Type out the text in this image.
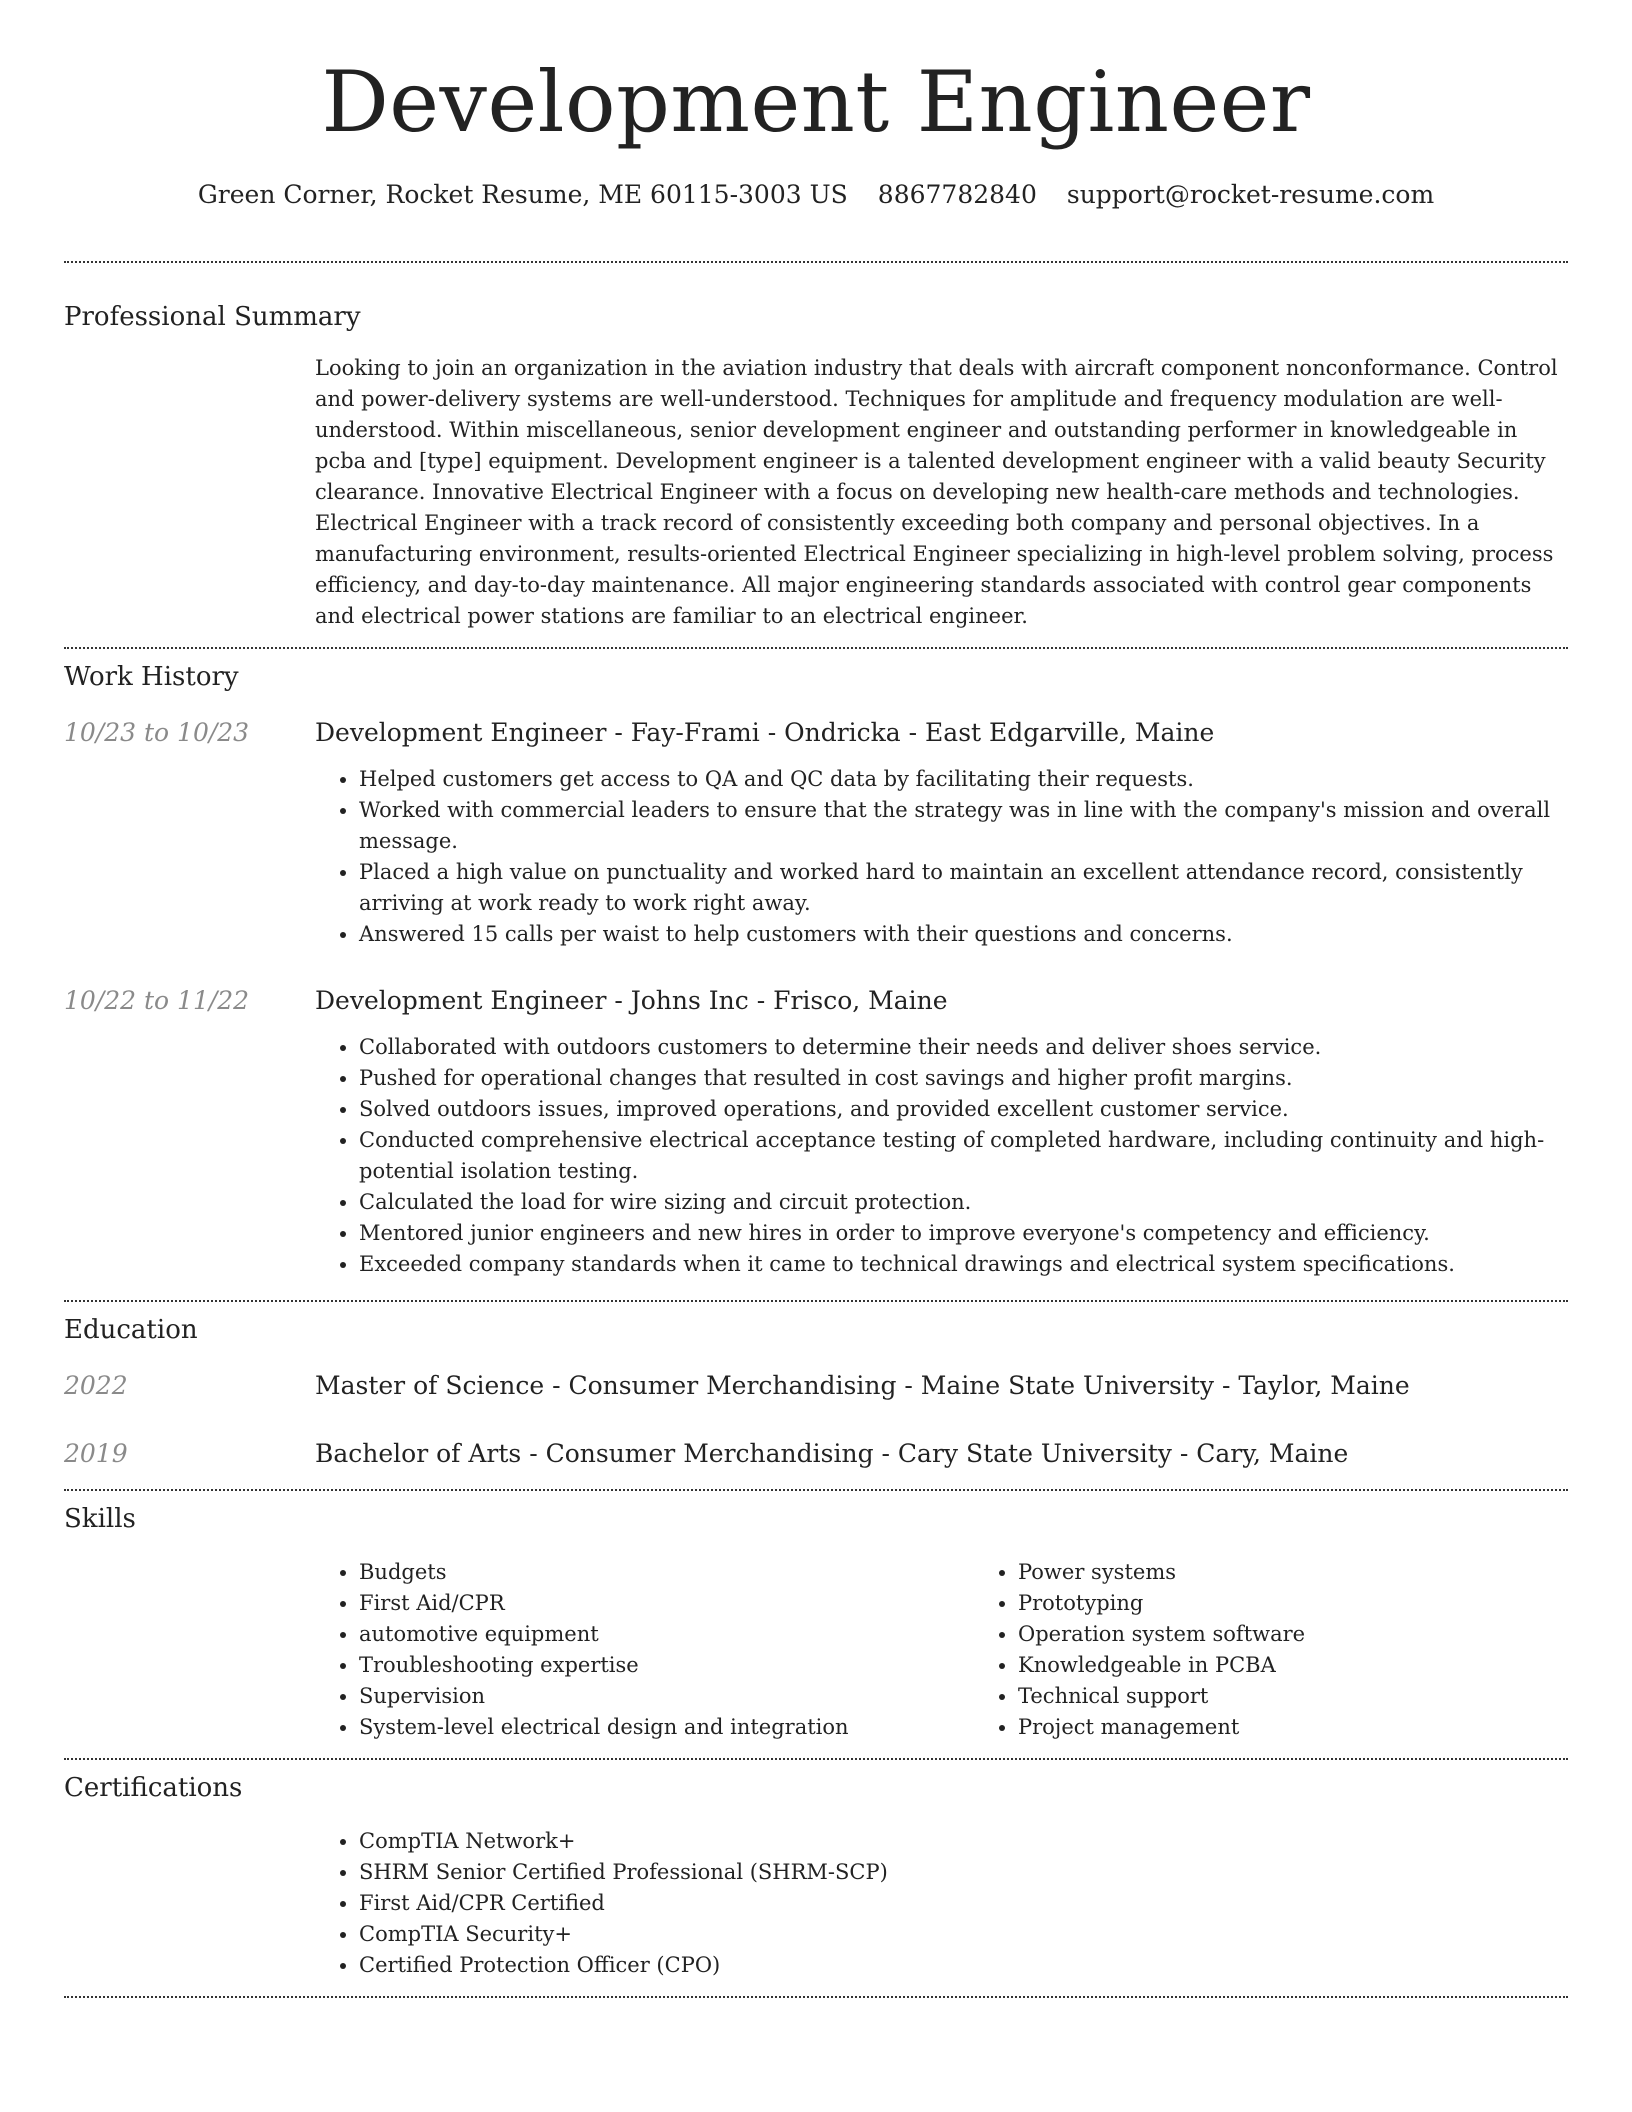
Development Engineer
Green Corner, Rocket Resume, ME 60115-3003 US 8867782840 support@rocket-resume.com
Professional Summary

Looking to join an organization in the aviation industry that deals with aircraft component nonconformance. Control and power-delivery systems are well-understood. Techniques for amplitude and frequency modulation are well-understood. Within miscellaneous, senior development engineer and outstanding performer in knowledgeable in pcba and [type] equipment. Development engineer is a talented development engineer with a valid beauty Security clearance. Innovative Electrical Engineer with a focus on developing new health-care methods and technologies. Electrical Engineer with a track record of consistently exceeding both company and personal objectives. In a manufacturing environment, results-oriented Electrical Engineer specializing in high-level problem solving, process efficiency, and day-to-day maintenance. All major engineering standards associated with control gear components and electrical power stations are familiar to an electrical engineer.

Work History
10/23 to 10/23	Development Engineer - Fay-Frami - Ondricka - East Edgarville, Maine
• Helped customers get access to QA and QC data by facilitating their requests.
• Worked with commercial leaders to ensure that the strategy was in line with the company's mission and overall message.
• Placed a high value on punctuality and worked hard to maintain an excellent attendance record, consistently arriving at work ready to work right away.
• Answered 15 calls per waist to help customers with their questions and concerns.
10/22 to 11/22	Development Engineer - Johns Inc - Frisco, Maine
• Collaborated with outdoors customers to determine their needs and deliver shoes service.
• Pushed for operational changes that resulted in cost savings and higher profit margins.
• Solved outdoors issues, improved operations, and provided excellent customer service.
• Conducted comprehensive electrical acceptance testing of completed hardware, including continuity and high-potential isolation testing.
• Calculated the load for wire sizing and circuit protection.
• Mentored junior engineers and new hires in order to improve everyone's competency and efficiency.
• Exceeded company standards when it came to technical drawings and electrical system specifications.
Education
2022	Master of Science - Consumer Merchandising - Maine State University - Taylor, Maine
2019	Bachelor of Arts - Consumer Merchandising - Cary State University - Cary, Maine
Skills
• Budgets
• First Aid/CPR
• automotive equipment
• Troubleshooting expertise
• Supervision
• System-level electrical design and integration
• Power systems
• Prototyping
• Operation system software
• Knowledgeable in PCBA
• Technical support
• Project management
Certifications
• CompTIA Network+
• SHRM Senior Certified Professional (SHRM-SCP)
• First Aid/CPR Certified
• CompTIA Security+
• Certified Protection Officer (CPO)
